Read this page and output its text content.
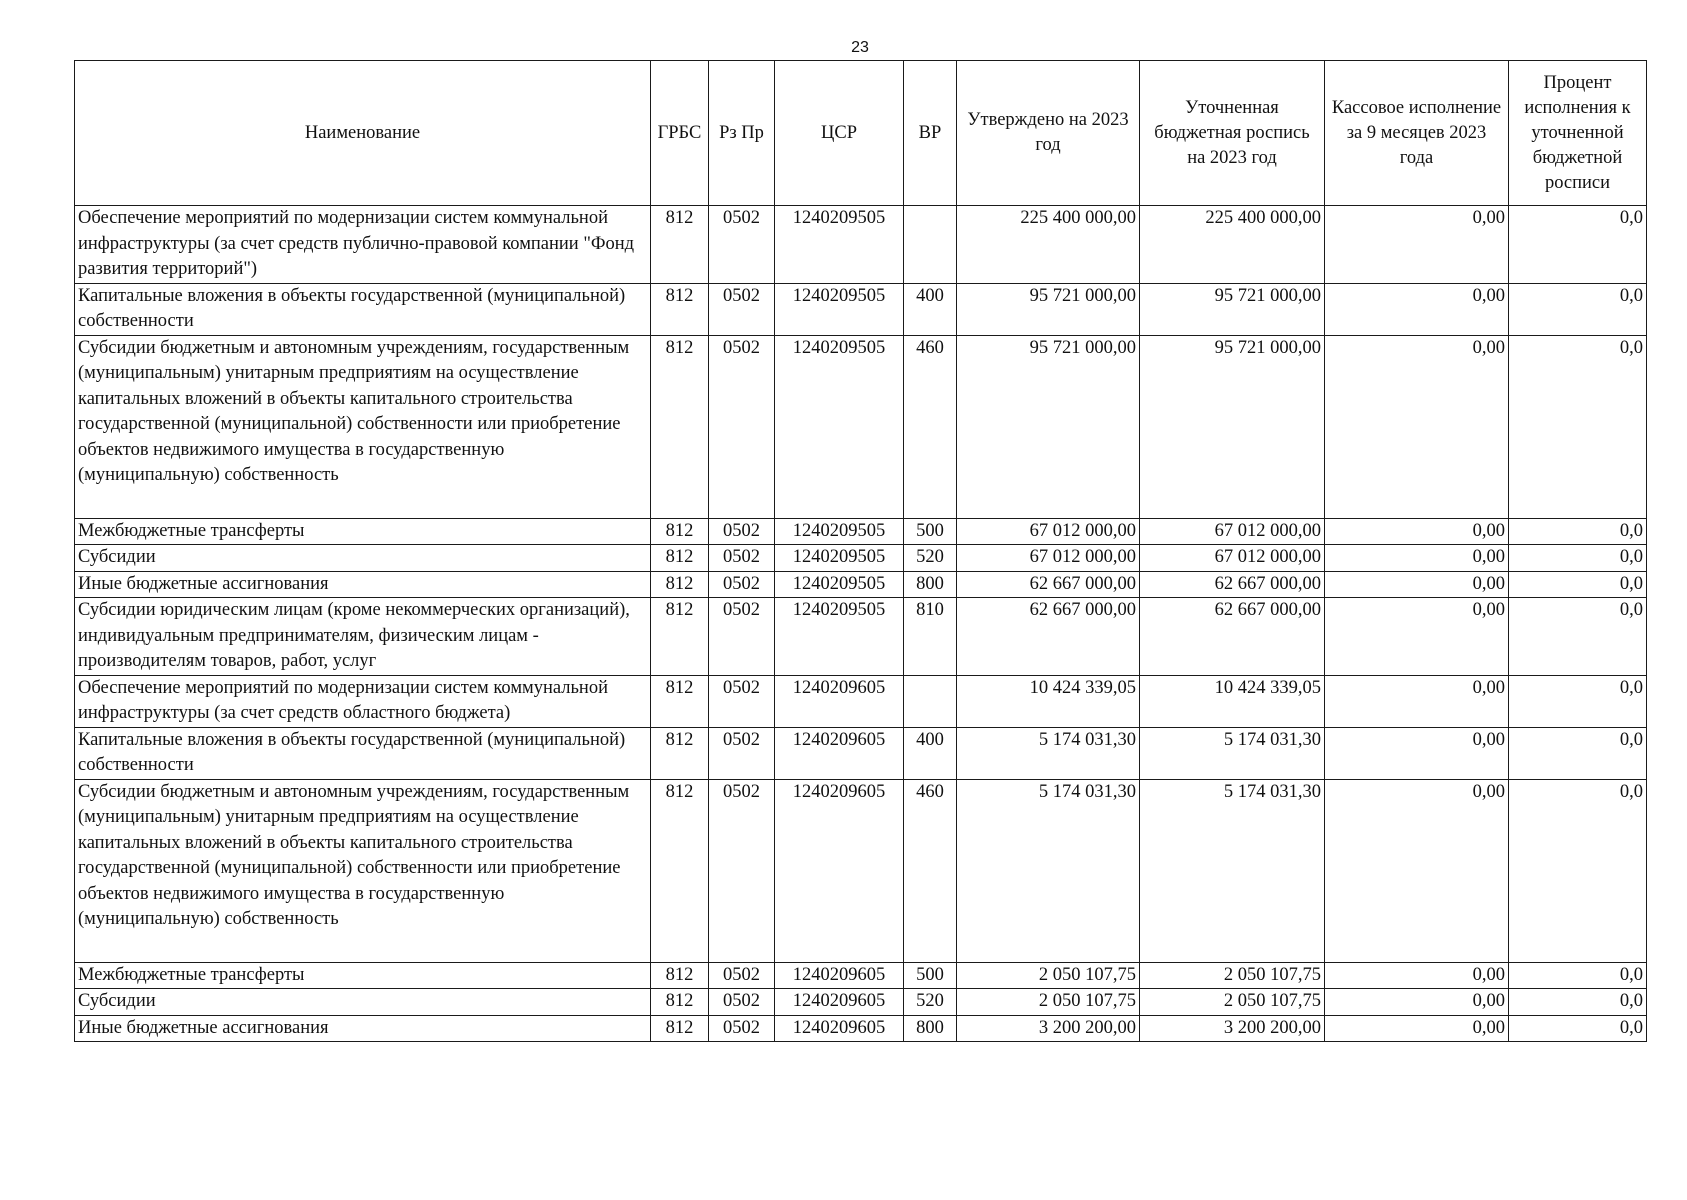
23
Наименование	ГРБС	Рз Пр	ЦСР	ВР	Утверждено на 2023 год	Уточненная бюджетная роспись на 2023 год	Кассовое исполнение за 9 месяцев 2023 года	Процент исполнения к уточненной бюджетной росписи
Обеспечение мероприятий по модернизации систем коммунальной инфраструктуры (за счет средств публично-правовой компании "Фонд развития территорий")	812	0502	1240209505		225 400 000,00	225 400 000,00	0,00	0,0
Капитальные вложения в объекты государственной (муниципальной) собственности	812	0502	1240209505	400	95 721 000,00	95 721 000,00	0,00	0,0
Субсидии бюджетным и автономным учреждениям, государственным (муниципальным) унитарным предприятиям на осуществление капитальных вложений в объекты капитального строительства государственной (муниципальной) собственности или приобретение объектов недвижимого имущества в государственную (муниципальную) собственность	812	0502	1240209505	460	95 721 000,00	95 721 000,00	0,00	0,0
Межбюджетные трансферты	812	0502	1240209505	500	67 012 000,00	67 012 000,00	0,00	0,0
Субсидии	812	0502	1240209505	520	67 012 000,00	67 012 000,00	0,00	0,0
Иные бюджетные ассигнования	812	0502	1240209505	800	62 667 000,00	62 667 000,00	0,00	0,0
Субсидии юридическим лицам (кроме некоммерческих организаций), индивидуальным предпринимателям, физическим лицам - производителям товаров, работ, услуг	812	0502	1240209505	810	62 667 000,00	62 667 000,00	0,00	0,0
Обеспечение мероприятий по модернизации систем коммунальной инфраструктуры (за счет средств областного бюджета)	812	0502	1240209605		10 424 339,05	10 424 339,05	0,00	0,0
Капитальные вложения в объекты государственной (муниципальной) собственности	812	0502	1240209605	400	5 174 031,30	5 174 031,30	0,00	0,0
Субсидии бюджетным и автономным учреждениям, государственным (муниципальным) унитарным предприятиям на осуществление капитальных вложений в объекты капитального строительства государственной (муниципальной) собственности или приобретение объектов недвижимого имущества в государственную (муниципальную) собственность	812	0502	1240209605	460	5 174 031,30	5 174 031,30	0,00	0,0
Межбюджетные трансферты	812	0502	1240209605	500	2 050 107,75	2 050 107,75	0,00	0,0
Субсидии	812	0502	1240209605	520	2 050 107,75	2 050 107,75	0,00	0,0
Иные бюджетные ассигнования	812	0502	1240209605	800	3 200 200,00	3 200 200,00	0,00	0,0
